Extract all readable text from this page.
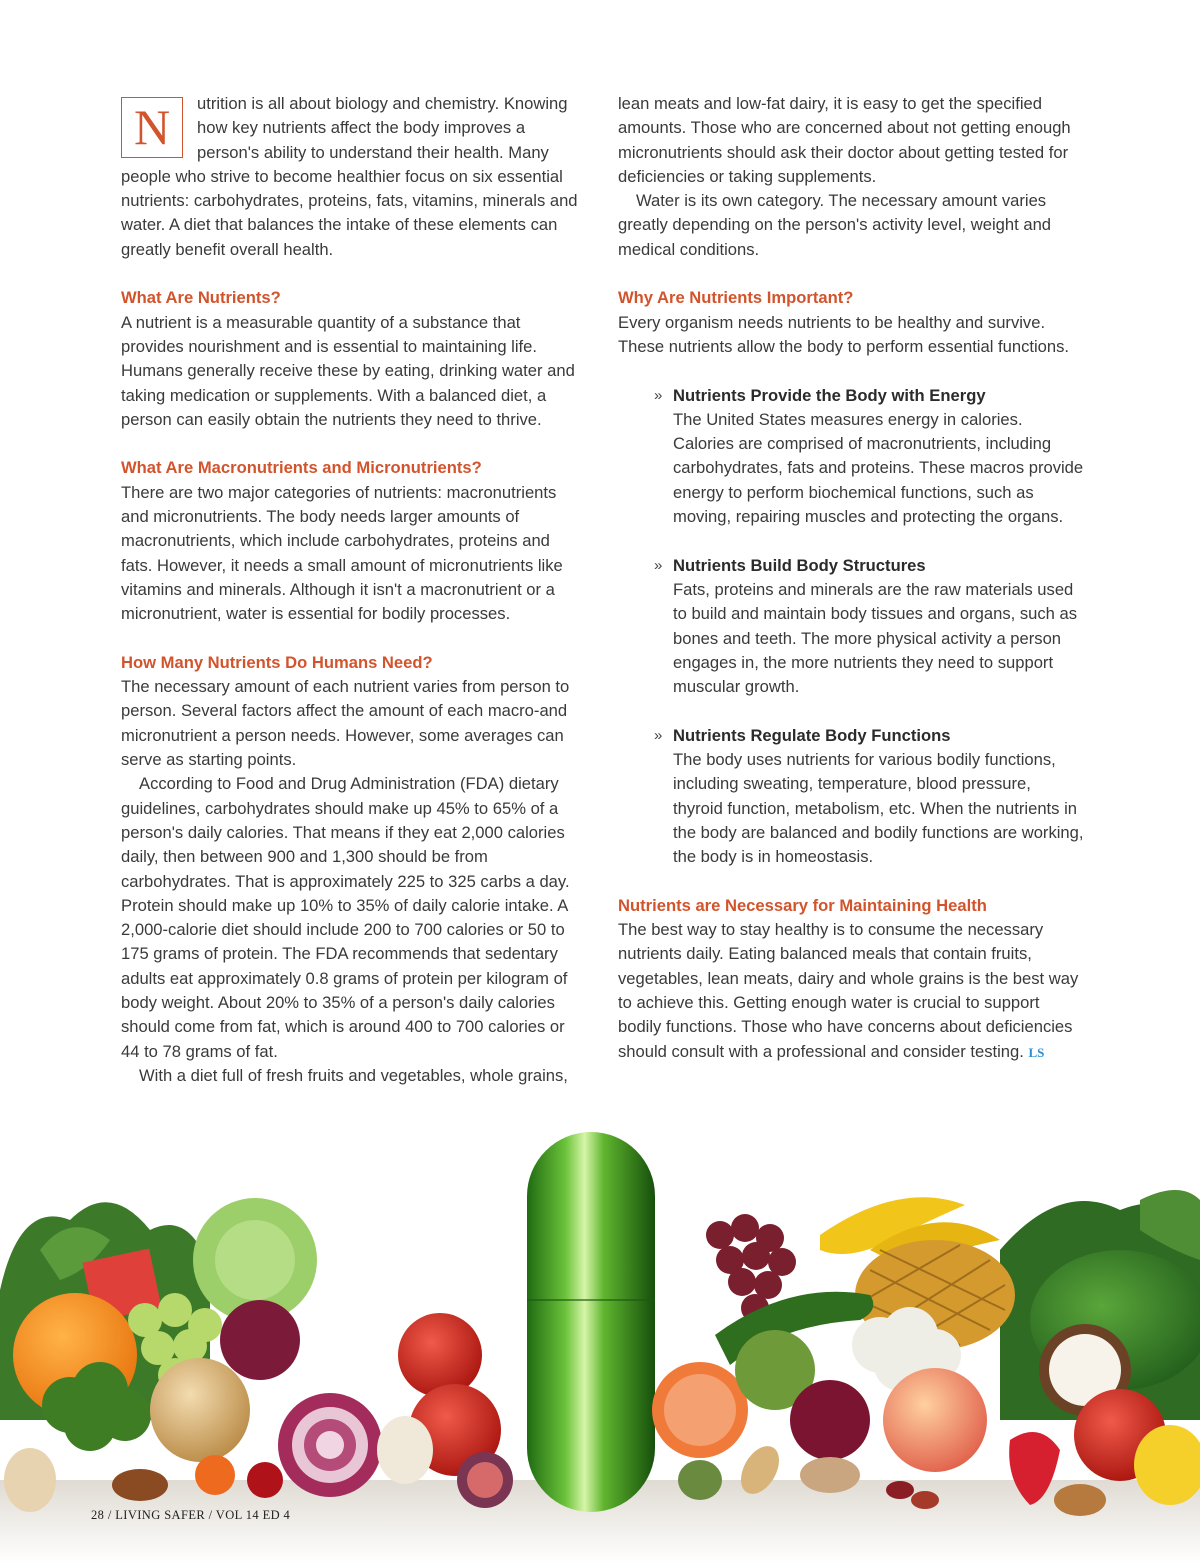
N	utrition is all about biology and chemistry. Knowing how key nutrients affect the body improves a person's ability to understand their health. Many people who strive to become healthier focus on six essential nutrients: carbohydrates, proteins, fats, vitamins, minerals and water. A diet that balances the intake of these elements can greatly benefit overall health.

What Are Nutrients?

A nutrient is a measurable quantity of a substance that provides nourishment and is essential to maintaining life. Humans generally receive these by eating, drinking water and taking medication or supplements. With a balanced diet, a person can easily obtain the nutrients they need to thrive.

What Are Macronutrients and Micronutrients?

There are two major categories of nutrients: macronutrients and micronutrients. The body needs larger amounts of macronutrients, which include carbohydrates, proteins and fats. However, it needs a small amount of micronutrients like vitamins and minerals. Although it isn't a macronutrient or a micronutrient, water is essential for bodily processes.

How Many Nutrients Do Humans Need?

The necessary amount of each nutrient varies from person to person. Several factors affect the amount of each macro-and micronutrient a person needs. However, some averages can serve as starting points.

According to Food and Drug Administration (FDA) dietary guidelines, carbohydrates should make up 45% to 65% of a person's daily calories. That means if they eat 2,000 calories daily, then between 900 and 1,300 should be from carbohydrates. That is approximately 225 to 325 carbs a day. Protein should make up 10% to 35% of daily calorie intake. A 2,000-calorie diet should include 200 to 700 calories or 50 to 175 grams of protein. The FDA recommends that sedentary adults eat approximately 0.8 grams of protein per kilogram of body weight. About 20% to 35% of a person's daily calories should come from fat, which is around 400 to 700 calories or 44 to 78 grams of fat.

With a diet full of fresh fruits and vegetables, whole grains,

lean meats and low-fat dairy, it is easy to get the specified amounts. Those who are concerned about not getting enough micronutrients should ask their doctor about getting tested for deficiencies or taking supplements.

Water is its own category. The necessary amount varies greatly depending on the person's activity level, weight and medical conditions.

Why Are Nutrients Important?

Every organism needs nutrients to be healthy and survive. These nutrients allow the body to perform essential functions.

» Nutrients Provide the Body with Energy

The United States measures energy in calories. Calories are comprised of macronutrients, including carbohydrates, fats and proteins. These macros provide energy to perform biochemical functions, such as moving, repairing muscles and protecting the organs.

» Nutrients Build Body Structures

Fats, proteins and minerals are the raw materials used to build and maintain body tissues and organs, such as bones and teeth. The more physical activity a person engages in, the more nutrients they need to support muscular growth.

» Nutrients Regulate Body Functions

The body uses nutrients for various bodily functions, including sweating, temperature, blood pressure, thyroid function, metabolism, etc. When the nutrients in the body are balanced and bodily functions are working, the body is in homeostasis.

Nutrients are Necessary for Maintaining Health

The best way to stay healthy is to consume the necessary nutrients daily. Eating balanced meals that contain fruits, vegetables, lean meats, dairy and whole grains is the best way to achieve this. Getting enough water is crucial to support bodily functions. Those who have concerns about deficiencies should consult with a professional and consider testing. LS

28 / LIVING SAFER / VOL 14 ED 4
